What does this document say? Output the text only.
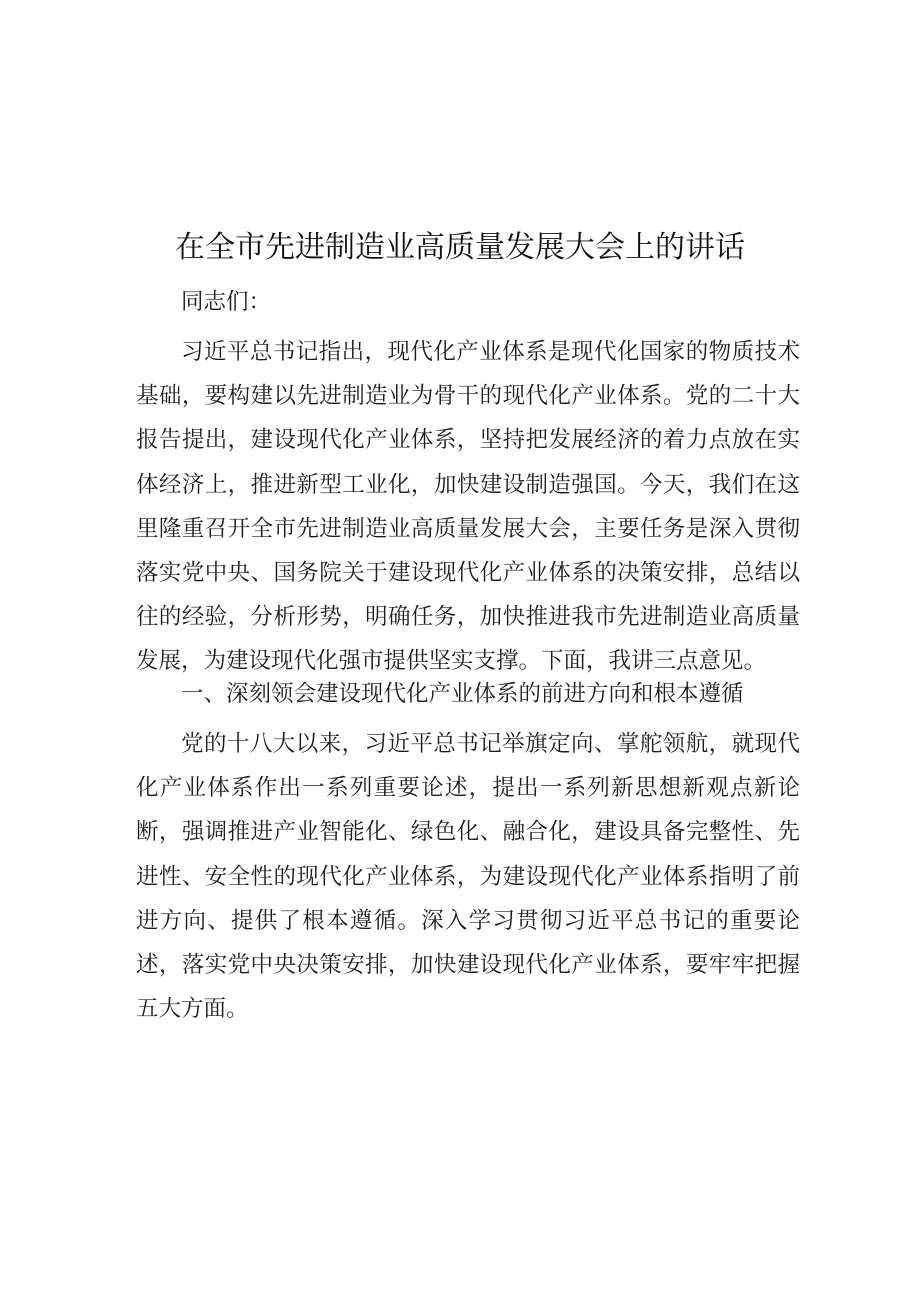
在全市先进制造业高质量发展大会上的讲话

同志们：

习近平总书记指出，现代化产业体系是现代化国家的物质技术基础，要构建以先进制造业为骨干的现代化产业体系。党的二十大报告提出，建设现代化产业体系，坚持把发展经济的着力点放在实体经济上，推进新型工业化，加快建设制造强国。今天，我们在这里隆重召开全市先进制造业高质量发展大会，主要任务是深入贯彻落实党中央、国务院关于建设现代化产业体系的决策安排，总结以往的经验，分析形势，明确任务，加快推进我市先进制造业高质量发展，为建设现代化强市提供坚实支撑。下面，我讲三点意见。

一、深刻领会建设现代化产业体系的前进方向和根本遵循

党的十八大以来，习近平总书记举旗定向、掌舵领航，就现代化产业体系作出一系列重要论述，提出一系列新思想新观点新论断，强调推进产业智能化、绿色化、融合化，建设具备完整性、先进性、安全性的现代化产业体系，为建设现代化产业体系指明了前进方向、提供了根本遵循。深入学习贯彻习近平总书记的重要论述，落实党中央决策安排，加快建设现代化产业体系，要牢牢把握五大方面。
